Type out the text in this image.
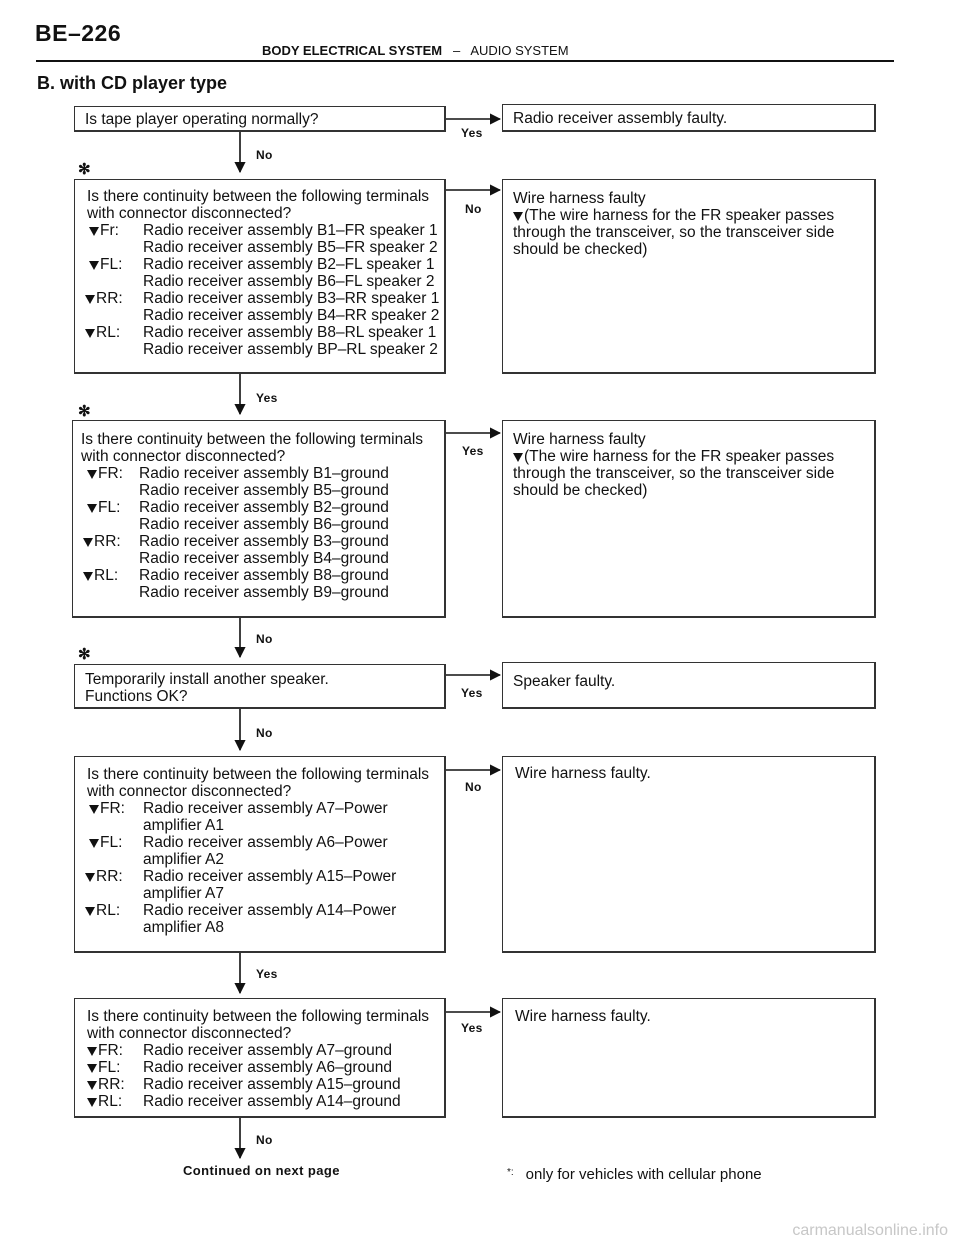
BE–226
BODY ELECTRICAL SYSTEM – AUDIO SYSTEM
B. with CD player type
Yes
No
No
Yes
Yes
No
Yes
No
No
Yes
Yes
No
✻
✻
✻
Is tape player operating normally?	Radio receiver assembly faulty.
Is there continuity between the following terminals
with connector disconnected?
Fr: Radio receiver assembly B1–FR speaker 1
Radio receiver assembly B5–FR speaker 2
FL: Radio receiver assembly B2–FL speaker 1
Radio receiver assembly B6–FL speaker 2
RR: Radio receiver assembly B3–RR speaker 1
Radio receiver assembly B4–RR speaker 2
RL: Radio receiver assembly B8–RL speaker 1
Radio receiver assembly BP–RL speaker 2
Wire harness faulty
(The wire harness for the FR speaker passes
through the transceiver, so the transceiver side
should be checked)
Is there continuity between the following terminals
with connector disconnected?
FR: Radio receiver assembly B1–ground
Radio receiver assembly B5–ground
FL: Radio receiver assembly B2–ground
Radio receiver assembly B6–ground
RR: Radio receiver assembly B3–ground
Radio receiver assembly B4–ground
RL: Radio receiver assembly B8–ground
Radio receiver assembly B9–ground
Wire harness faulty
(The wire harness for the FR speaker passes
through the transceiver, so the transceiver side
should be checked)
Temporarily install another speaker.
Functions OK?
Speaker faulty.
Is there continuity between the following terminals
with connector disconnected?
FR: Radio receiver assembly A7–Power
amplifier A1
FL: Radio receiver assembly A6–Power
amplifier A2
RR: Radio receiver assembly A15–Power
amplifier A7
RL: Radio receiver assembly A14–Power
amplifier A8
Wire harness faulty.
Is there continuity between the following terminals
with connector disconnected?
FR: Radio receiver assembly A7–ground
FL: Radio receiver assembly A6–ground
RR: Radio receiver assembly A15–ground
RL: Radio receiver assembly A14–ground
Wire harness faulty.
Continued on next page	*: only for vehicles with cellular phone
carmanualsonline.info
